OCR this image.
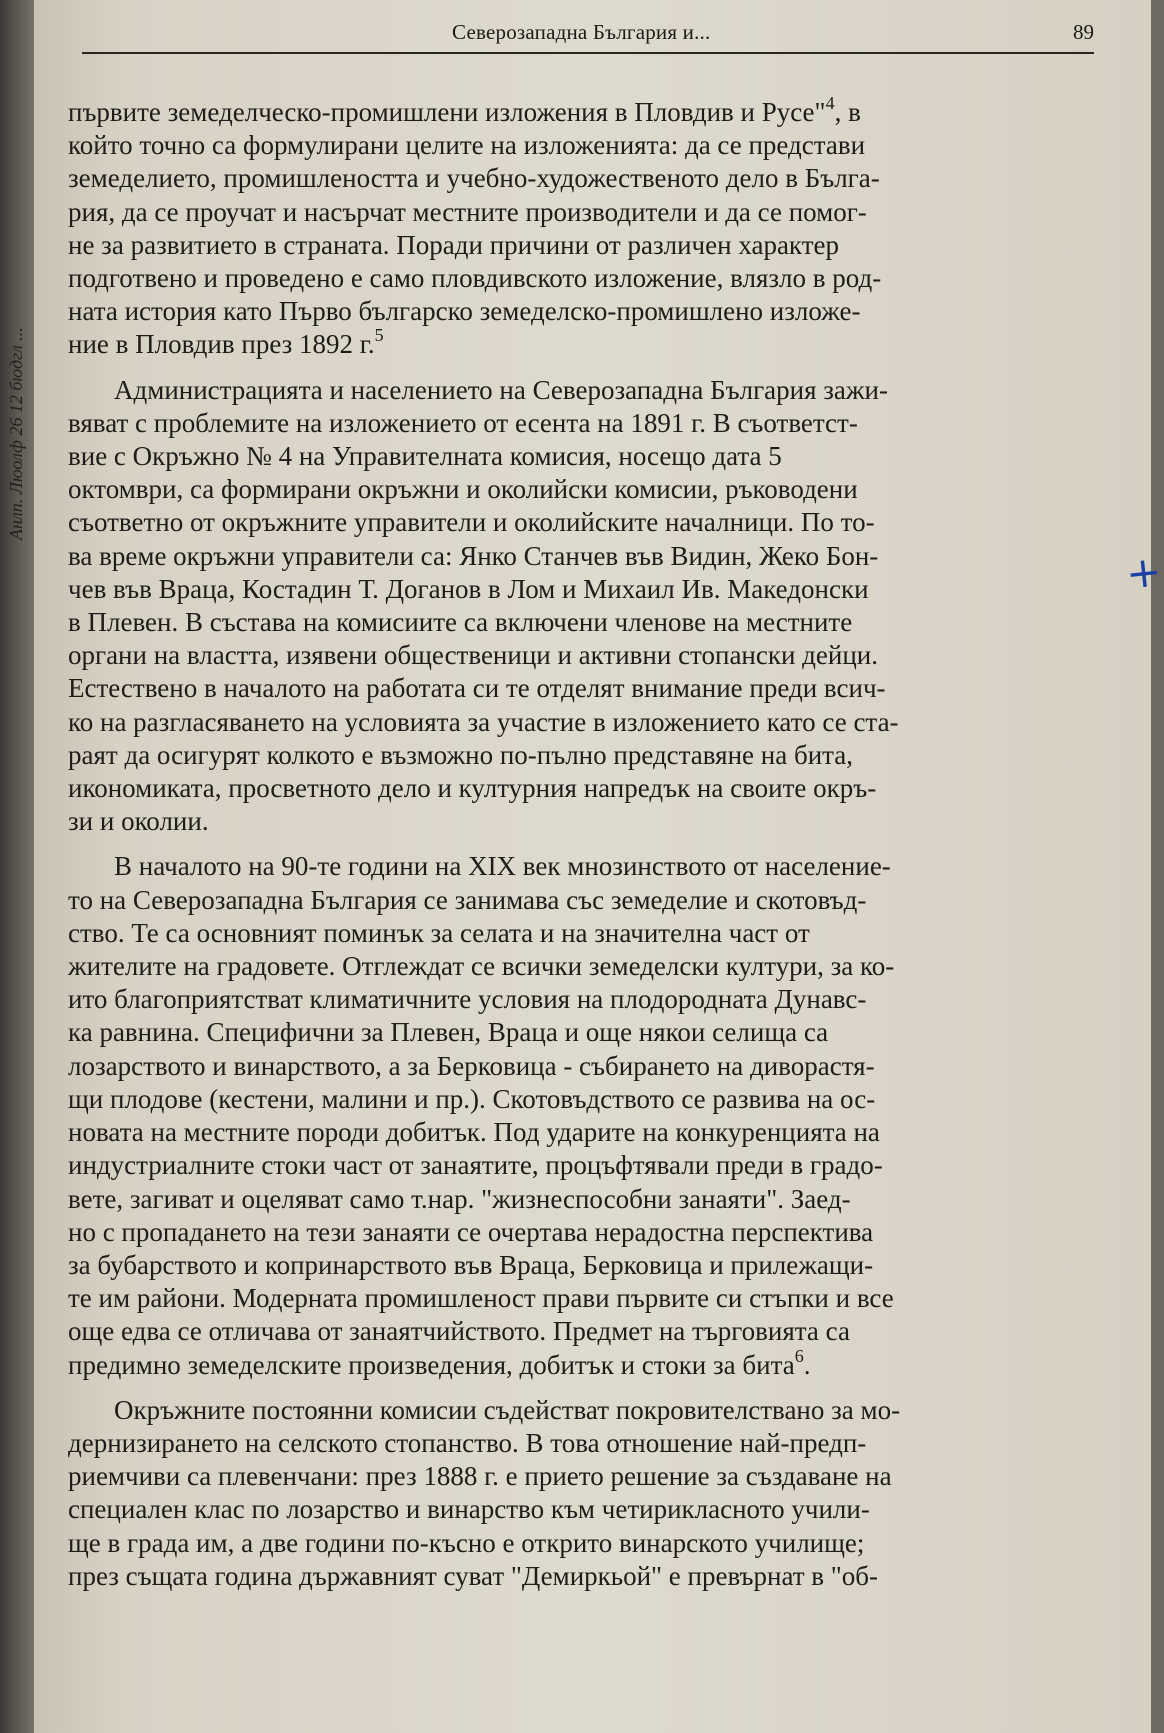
Анлп. Люолф 26 12 бюдгл ...
Северозападна България и...	89
първите земеделческо-промишлени изложения в Пловдив и Русе"$^4$, в
който точно са формулирани целите на изложенията: да се представи
земеделието, промишлеността и учебно-художественото дело в Бълга-
рия, да се проучат и насърчат местните производители и да се помог-
не за развитието в страната. Поради причини от различен характер
подготвено и проведено е само пловдивското изложение, влязло в род-
ната история като Първо българско земеделско-промишлено изложе-
ние в Пловдив през 1892 г.$^5$
Администрацията и населението на Северозападна България зажи-
вяват с проблемите на изложението от есента на 1891 г. В съответст-
вие с Окръжно № 4 на Управителната комисия, носещо дата 5
октомври, са формирани окръжни и околийски комисии, ръководени
съответно от окръжните управители и околийските началници. По то-
ва време окръжни управители са: Янко Станчев във Видин, Жеко Бон-
чев във Враца, Костадин Т. Доганов в Лом и Михаил Ив. Македонски
в Плевен. В състава на комисиите са включени членове на местните
органи на властта, изявени общественици и активни стопански дейци.
Естествено в началото на работата си те отделят внимание преди всич-
ко на разгласяването на условията за участие в изложението като се ста-
раят да осигурят колкото е възможно по-пълно представяне на бита,
икономиката, просветното дело и културния напредък на своите окръ-
зи и околии.
В началото на 90-те години на XIX век мнозинството от население-
то на Северозападна България се занимава със земеделие и скотовъд-
ство. Те са основният поминък за селата и на значителна част от
жителите на градовете. Отглеждат се всички земеделски култури, за ко-
ито благоприятстват климатичните условия на плодородната Дунавс-
ка равнина. Специфични за Плевен, Враца и още някои селища са
лозарството и винарството, а за Берковица - събирането на диворастя-
щи плодове (кестени, малини и пр.). Скотовъдството се развива на ос-
новата на местните породи добитък. Под ударите на конкуренцията на
индустриалните стоки част от занаятите, процъфтявали преди в градо-
вете, загиват и оцеляват само т.нар. "жизнеспособни занаяти". Заед-
но с пропадането на тези занаяти се очертава нерадостна перспектива
за бубарството и копринарството във Враца, Берковица и прилежащи-
те им райони. Модерната промишленост прави първите си стъпки и все
още едва се отличава от занаятчийството. Предмет на търговията са
предимно земеделските произведения, добитък и стоки за бита$^6$.
Окръжните постоянни комисии съдействат покровителствано за мо-
дернизирането на селското стопанство. В това отношение най-предп-
риемчиви са плевенчани: през 1888 г. е прието решение за създаване на
специален клас по лозарство и винарство към четирикласното учили-
ще в града им, а две години по-късно е открито винарското училище;
през същата година държавният суват "Демиркьой" е превърнат в "об-
+
